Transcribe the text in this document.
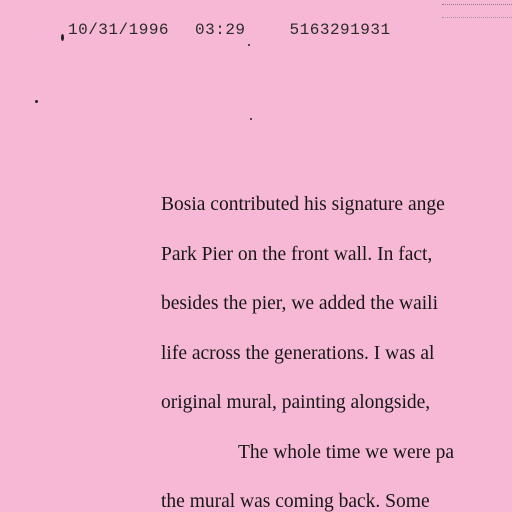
10/31/1996 03:29	5163291931
Bosia contributed his signature ange
Park Pier on the front wall. In fact,
besides the pier, we added the waili
life across the generations. I was al
original mural, painting alongside,
The whole time we were pa
the mural was coming back. Some
